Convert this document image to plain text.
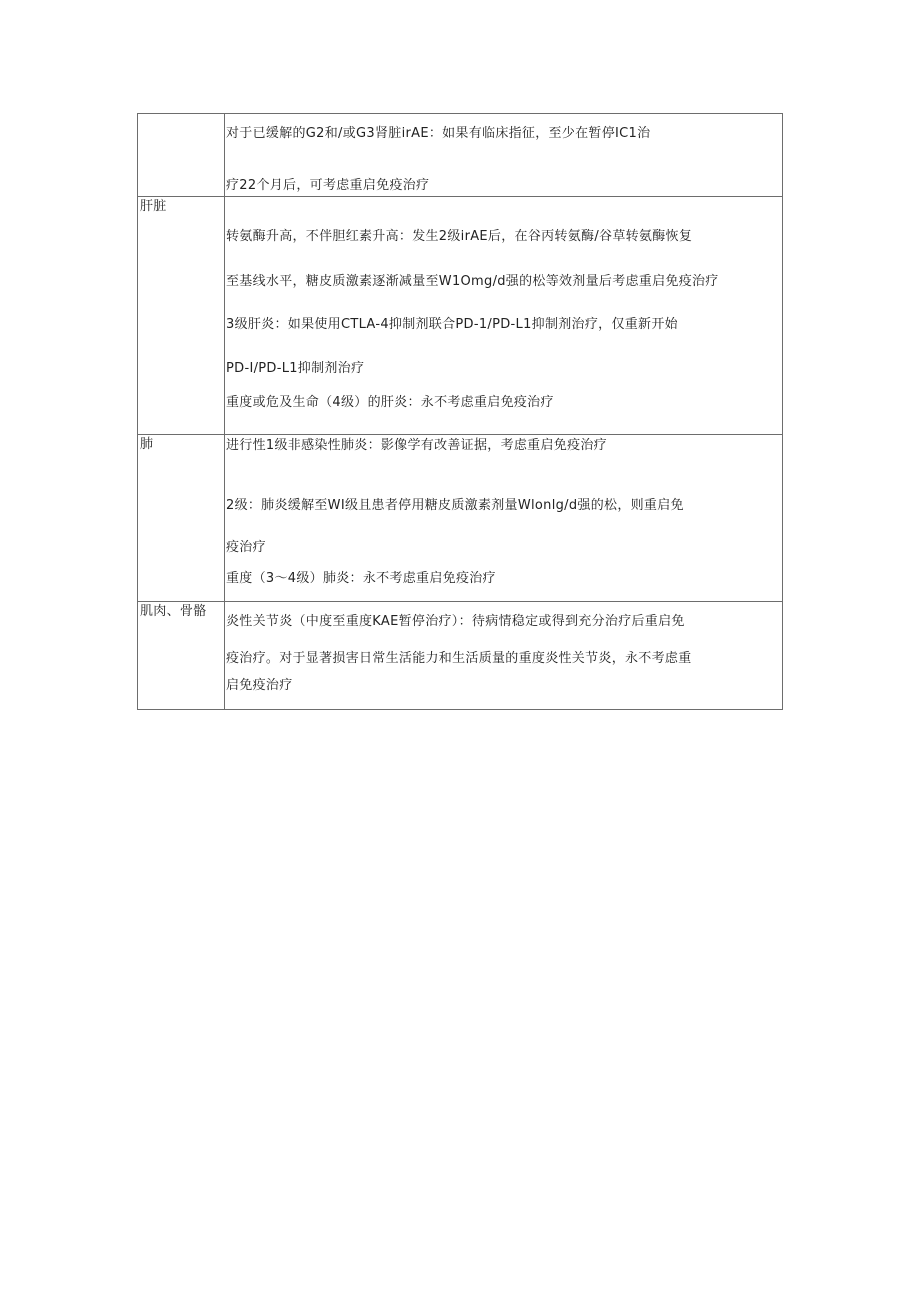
	对于已缓解的G2和/或G3肾脏irAE：如果有临床指征，至少在暂停IC1治
疗22个月后，可考虑重启免疫治疗

肝脏	转氨酶升高，不伴胆红素升高：发生2级irAE后，在谷丙转氨酶/谷草转氨酶恢复
至基线水平，糖皮质激素逐渐减量至W1Omg/d强的松等效剂量后考虑重启免疫治疗
3级肝炎：如果使用CTLA-4抑制剂联合PD-1/PD-L1抑制剂治疗，仅重新开始
PD-I/PD-L1抑制剂治疗
重度或危及生命（4级）的肝炎：永不考虑重启免疫治疗

肺	进行性1级非感染性肺炎：影像学有改善证据，考虑重启免疫治疗
2级：肺炎缓解至WI级且患者停用糖皮质激素剂量Wlonlg/d强的松，则重启免
疫治疗
重度（3～4级）肺炎：永不考虑重启免疫治疗

肌肉、骨骼	炎性关节炎（中度至重度KAE暂停治疗）：待病情稳定或得到充分治疗后重启免
疫治疗。对于显著损害日常生活能力和生活质量的重度炎性关节炎，永不考虑重
启免疫治疗
